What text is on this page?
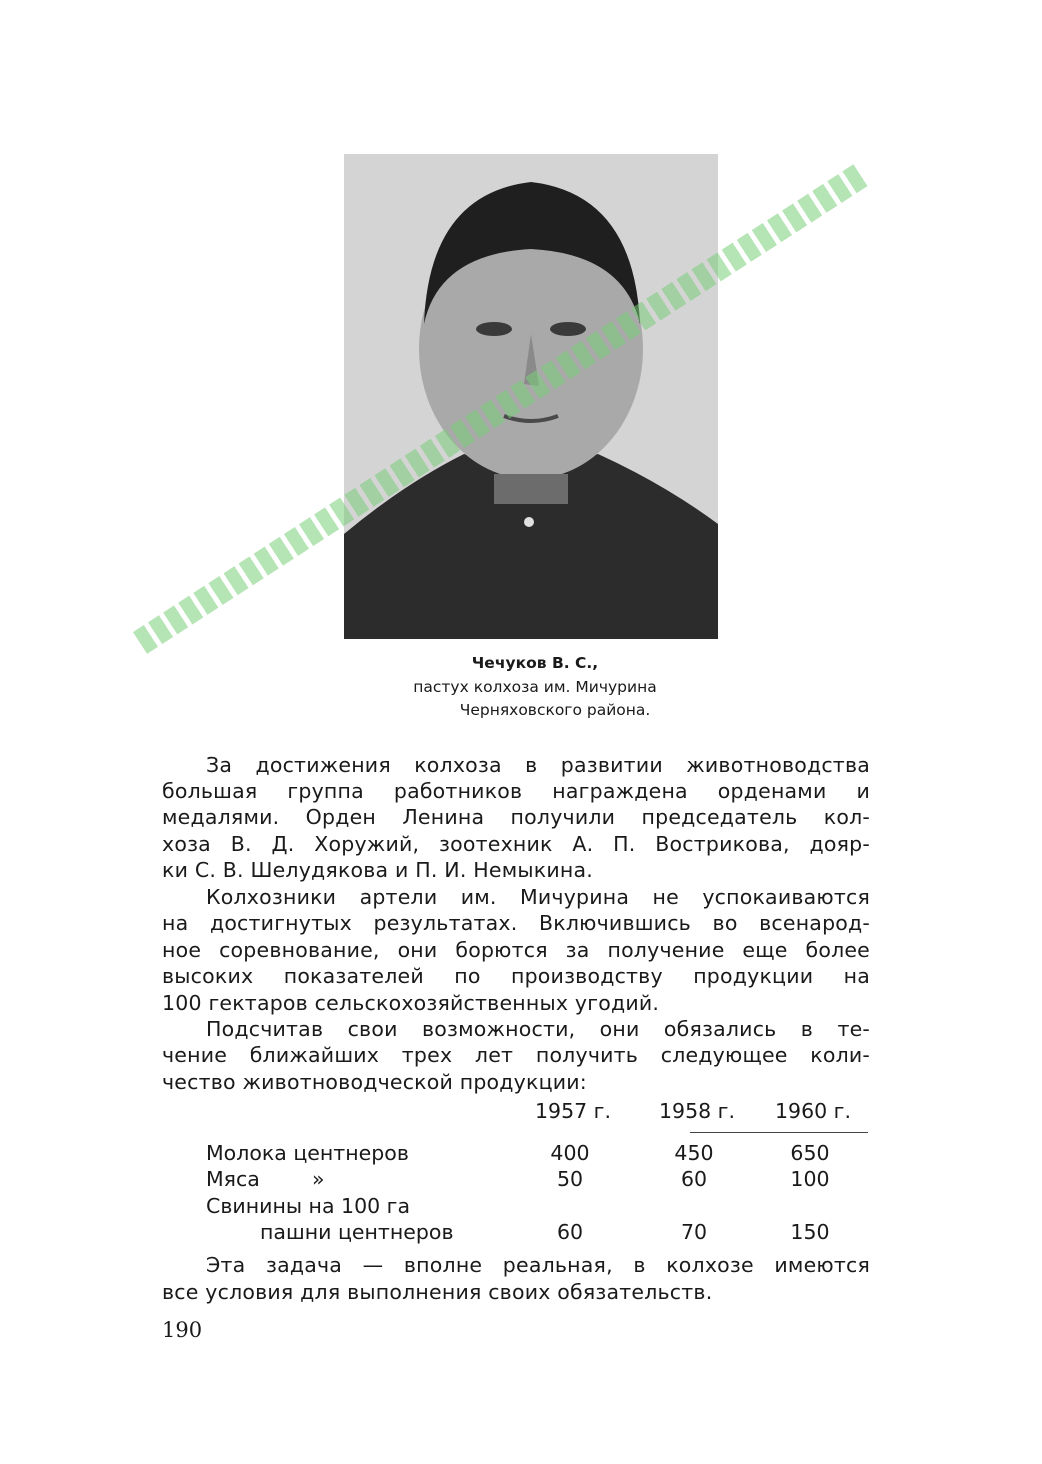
Чечуков В. С.,
пастух колхоза им. Мичурина
Черняховского района.
За достижения колхоза в развитии животноводства
большая группа работников награждена орденами и
медалями. Орден Ленина получили председатель кол-
хоза В. Д. Хоружий, зоотехник А. П. Вострикова, дояр-
ки С. В. Шелудякова и П. И. Немыкина.
Колхозники артели им. Мичурина не успокаиваются
на достигнутых результатах. Включившись во всенарод-
ное соревнование, они борются за получение еще более
высоких показателей по производству продукции на
100 гектаров сельскохозяйственных угодий.
Подсчитав свои возможности, они обязались в те-
чение ближайших трех лет получить следующее коли-
чество животноводческой продукции:
1957 г. 1958 г. 1960 г.
Молока центнеров	400	450	650
Мяса        »	50	60	100
Свинины на 100 га
пашни центнеров	60	70	150
Эта задача — вполне реальная, в колхозе имеются
все условия для выполнения своих обязательств.
190
